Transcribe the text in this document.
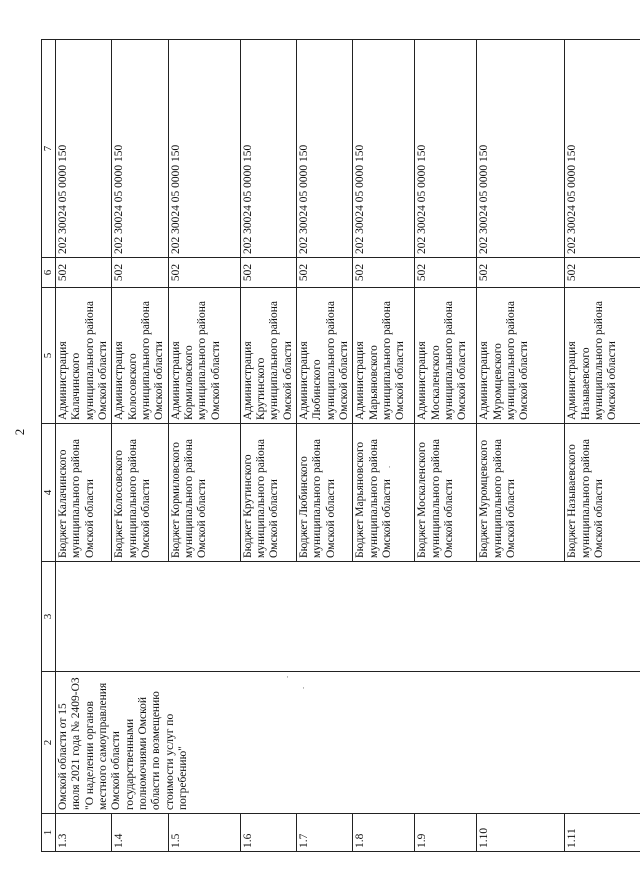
2
1	2	3	4	5	6	7
1.3	Омской области от 15 июля 2021 года № 2409-ОЗ "О наделении органов местного самоуправления Омской области государственными полномочиями Омской области по возмещению стоимости услуг по погребению"		Бюджет Калачинского муниципального района Омской области	Администрация Калачинского муниципального района Омской области	502	202 30024 05 0000 150
1.4			Бюджет Колосовского муниципального района Омской области	Администрация Колосовского муниципального района Омской области	502	202 30024 05 0000 150
1.5			Бюджет Кормиловского муниципального района Омской области	Администрация Кормиловского муниципального района Омской области	502	202 30024 05 0000 150
1.6			Бюджет Крутинского муниципального района Омской области	Администрация Крутинского муниципального района Омской области	502	202 30024 05 0000 150
1.7			Бюджет Любинского муниципального района Омской области	Администрация Любинского муниципального района Омской области	502	202 30024 05 0000 150
1.8			Бюджет Марьяновского муниципального района Омской области	Администрация Марьяновского муниципального района Омской области	502	202 30024 05 0000 150
1.9			Бюджет Москаленского муниципального района Омской области	Администрация Москаленского муниципального района Омской области	502	202 30024 05 0000 150
1.10			Бюджет Муромцевского муниципального района Омской области	Администрация Муромцевского муниципального района Омской области	502	202 30024 05 0000 150
1.11			Бюджет Называевского муниципального района Омской области	Администрация Называевского муниципального района Омской области	502	202 30024 05 0000 150
·
·
·
